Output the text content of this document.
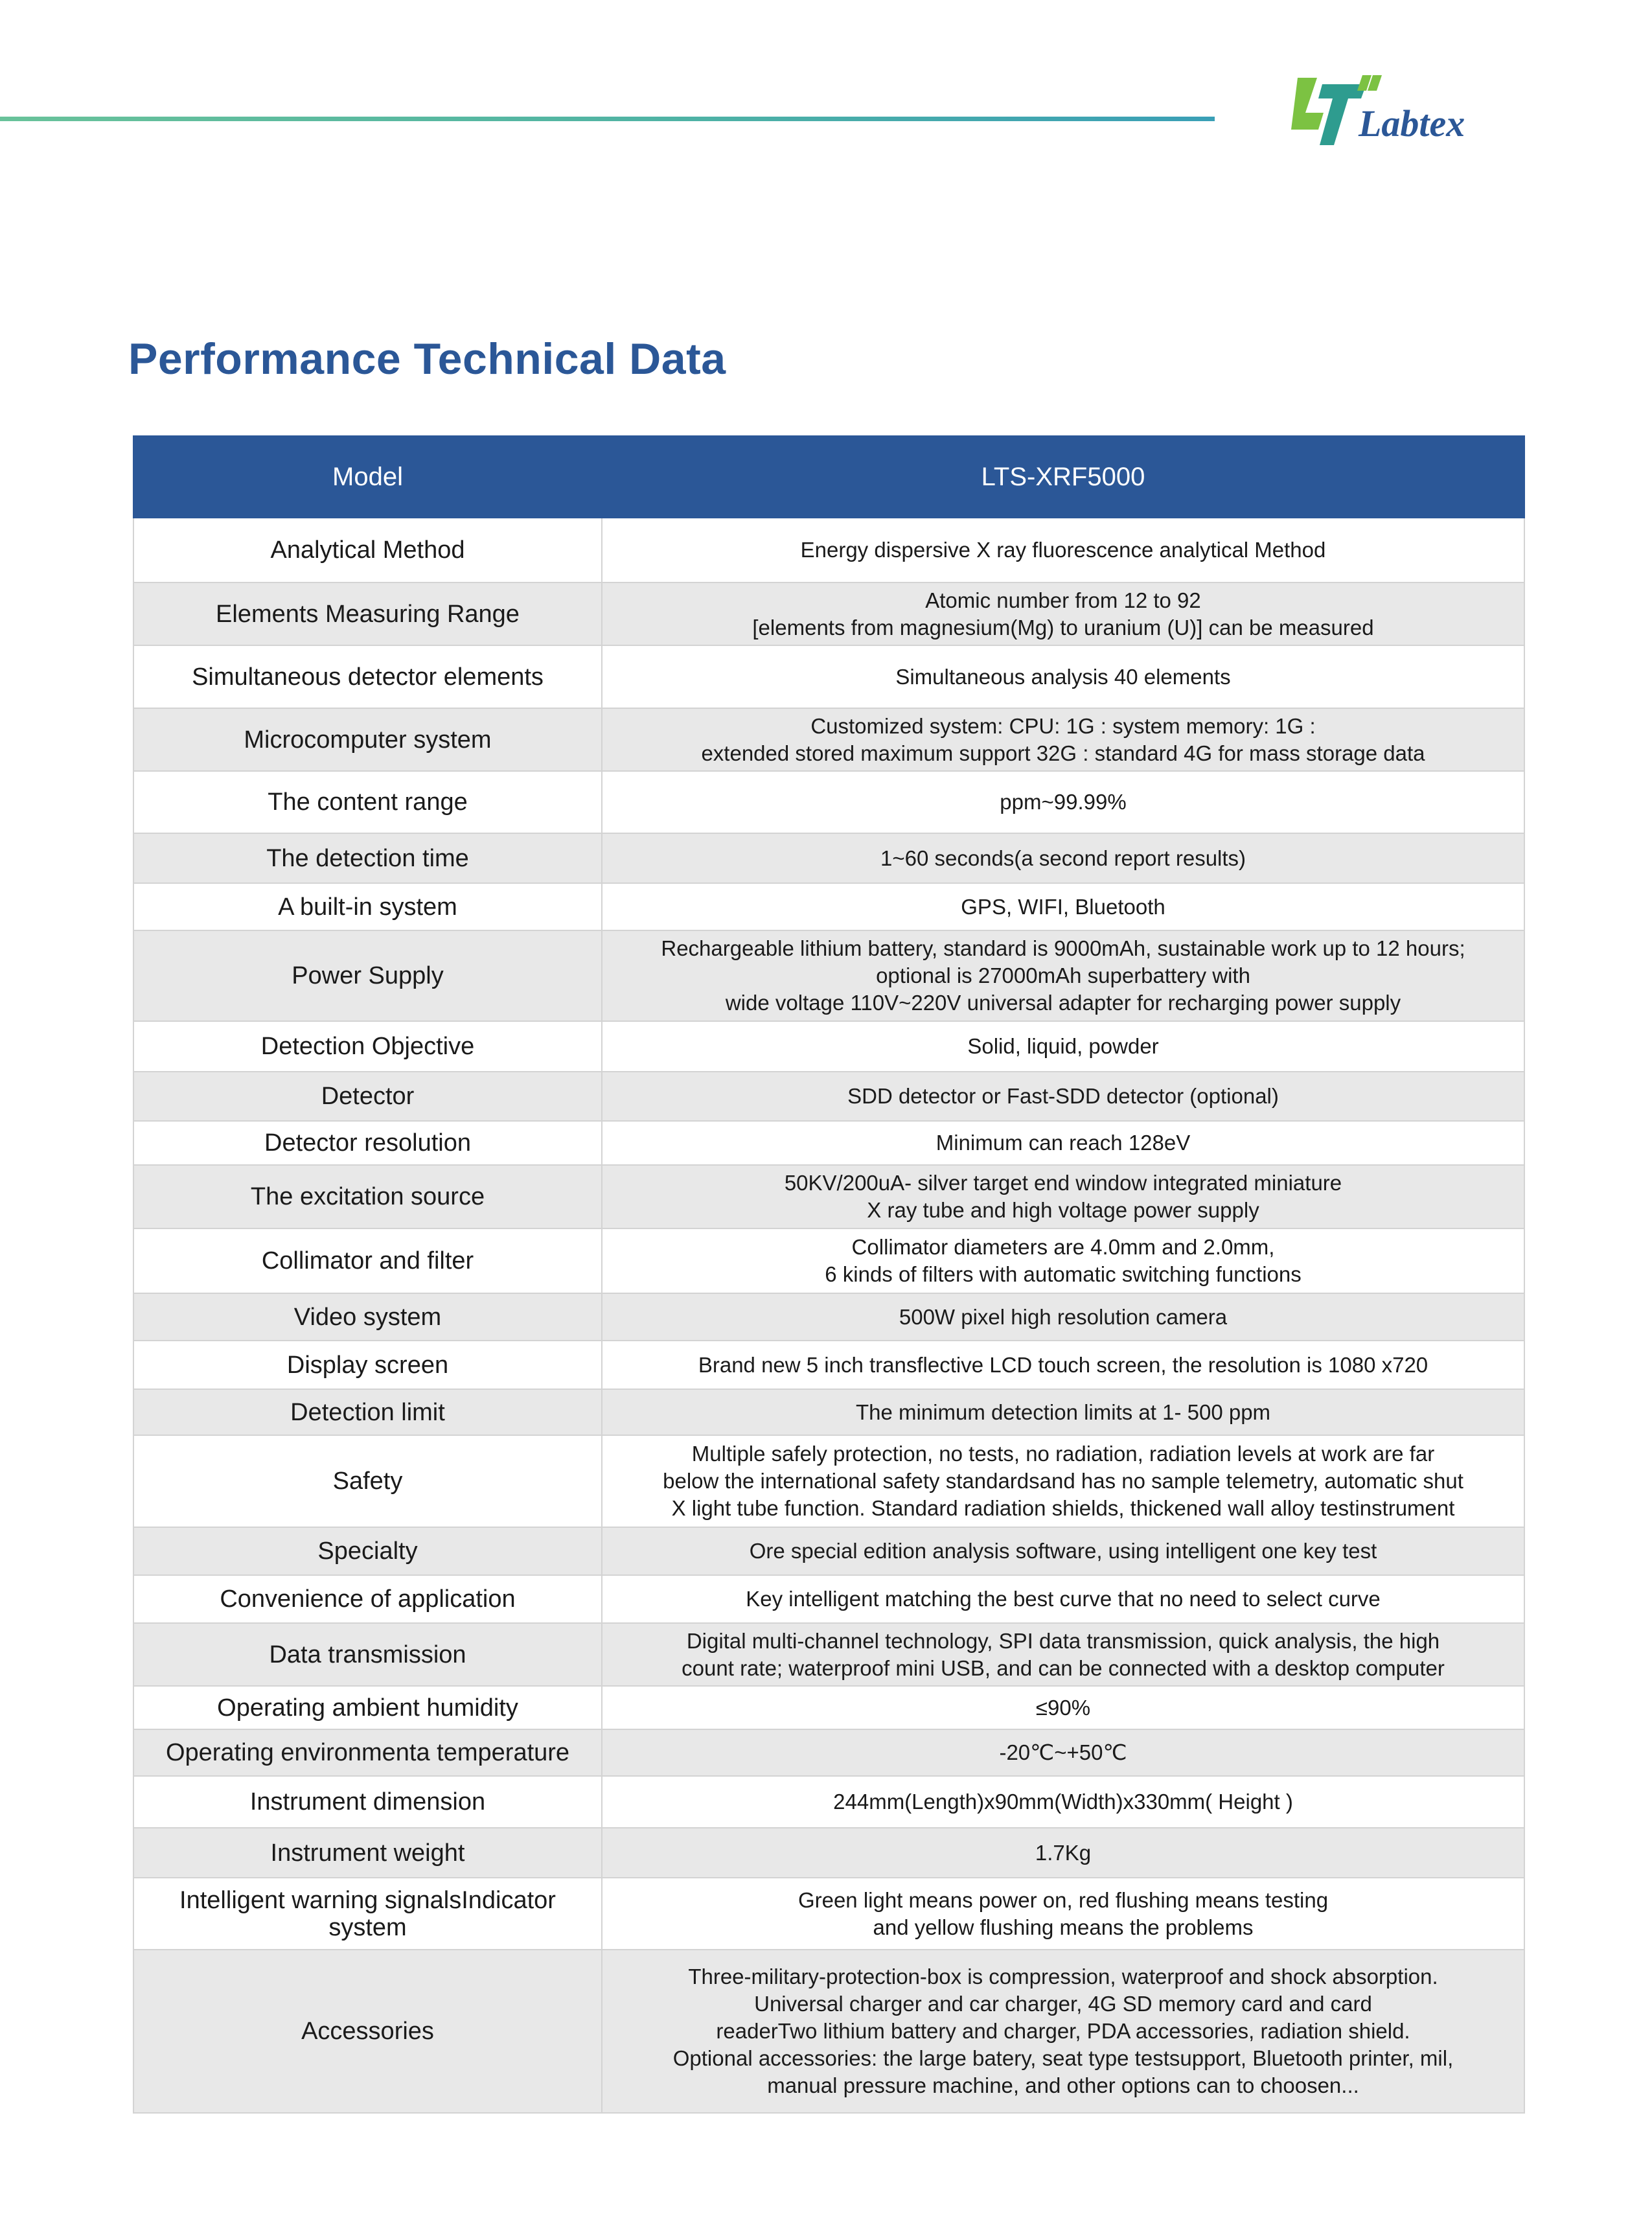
Labtex
Performance Technical Data
Model	LTS-XRF5000
Analytical Method	Energy dispersive X ray fluorescence analytical Method
Elements Measuring Range	Atomic number from 12 to 92
[elements from magnesium(Mg) to uranium (U)] can be measured
Simultaneous detector elements	Simultaneous analysis 40 elements
Microcomputer system	Customized system: CPU: 1G : system memory: 1G :
extended stored maximum support 32G : standard 4G for mass storage data
The content range	ppm~99.99%
The detection time	1~60 seconds(a second report results)
A built-in system	GPS, WIFI, Bluetooth
Power Supply	Rechargeable lithium battery, standard is 9000mAh, sustainable work up to 12 hours;
optional is 27000mAh superbattery with
wide voltage 110V~220V universal adapter for recharging power supply
Detection Objective	Solid, liquid, powder
Detector	SDD detector or Fast-SDD detector (optional)
Detector resolution	Minimum can reach 128eV
The excitation source	50KV/200uA- silver target end window integrated miniature
X ray tube and high voltage power supply
Collimator and filter	Collimator diameters are 4.0mm and 2.0mm,
6 kinds of filters with automatic switching functions
Video system	500W pixel high resolution camera
Display screen	Brand new 5 inch transflective LCD touch screen, the resolution is 1080 x720
Detection limit	The minimum detection limits at 1- 500 ppm
Safety	Multiple safely protection, no tests, no radiation, radiation levels at work are far
below the international safety standardsand has no sample telemetry, automatic shut
X light tube function. Standard radiation shields, thickened wall alloy testinstrument
Specialty	Ore special edition analysis software, using intelligent one key test
Convenience of application	Key intelligent matching the best curve that no need to select curve
Data transmission	Digital multi-channel technology, SPI data transmission, quick analysis, the high
count rate; waterproof mini USB, and can be connected with a desktop computer
Operating ambient humidity	≤90%
Operating environmenta temperature	-20℃~+50℃
Instrument dimension	244mm(Length)x90mm(Width)x330mm( Height )
Instrument weight	1.7Kg
Intelligent warning signalsIndicator system	Green light means power on, red flushing means testing
and yellow flushing means the problems
Accessories	Three-military-protection-box is compression, waterproof and shock absorption.
Universal charger and car charger, 4G SD memory card and card
readerTwo lithium battery and charger, PDA accessories, radiation shield.
Optional accessories: the large batery, seat type testsupport, Bluetooth printer, mil,
manual pressure machine, and other options can to choosen...
